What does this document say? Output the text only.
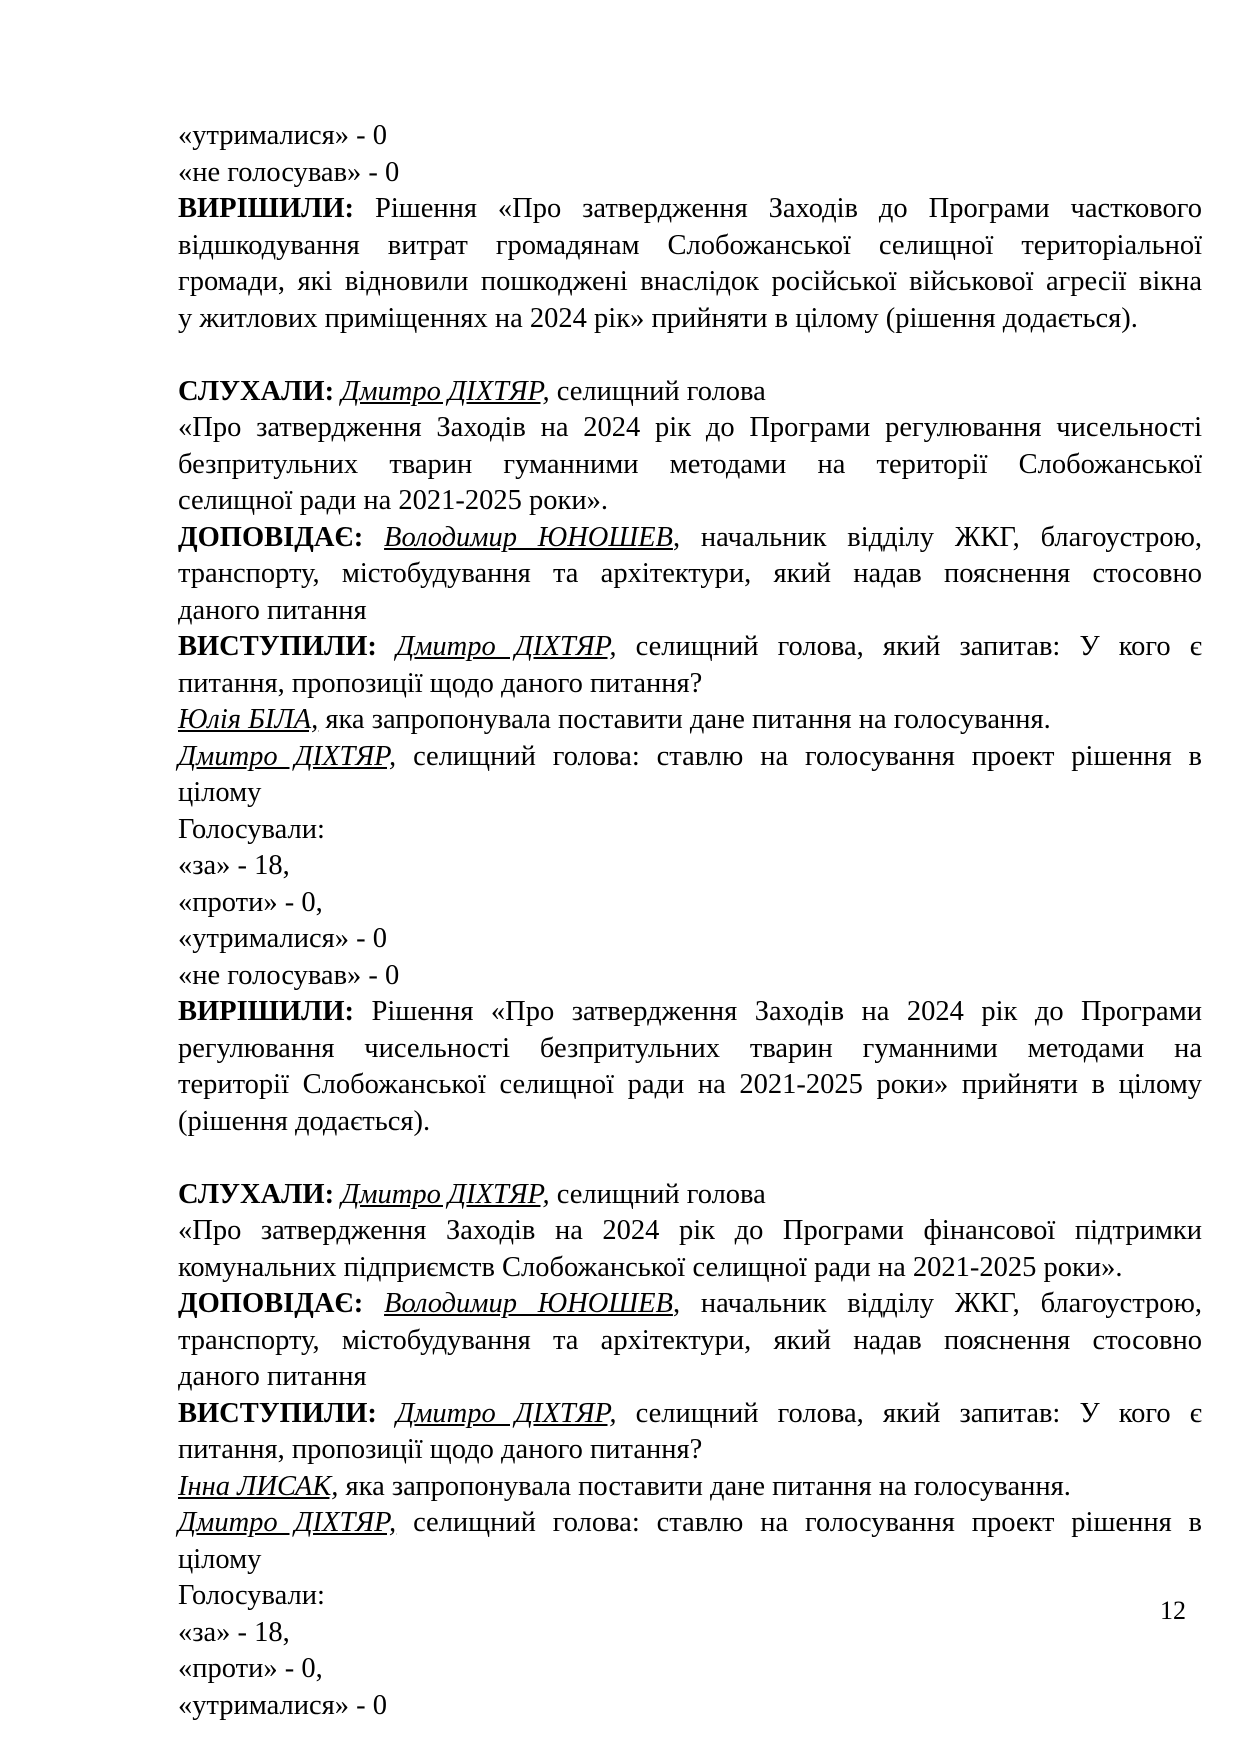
«утрималися» - 0
«не голосував» - 0
ВИРІШИЛИ: Рішення «Про затвердження Заходів до Програми часткового
відшкодування витрат громадянам Слобожанської селищної територіальної
громади, які відновили пошкоджені внаслідок російської військової агресії вікна
у житлових приміщеннях на 2024 рік» прийняти в цілому (рішення додається).
СЛУХАЛИ: Дмитро ДІХТЯР, селищний голова
«Про затвердження Заходів на 2024 рік до Програми регулювання чисельності
безпритульних тварин гуманними методами на території Слобожанської
селищної ради на 2021-2025 роки».
ДОПОВІДАЄ: Володимир ЮНОШЕВ, начальник відділу ЖКГ, благоустрою,
транспорту, містобудування та архітектури, який надав пояснення стосовно
даного питання
ВИСТУПИЛИ: Дмитро ДІХТЯР, селищний голова, який запитав: У кого є
питання, пропозиції щодо даного питання?
Юлія БІЛА, яка запропонувала поставити дане питання на голосування.
Дмитро ДІХТЯР, селищний голова: ставлю на голосування проект рішення в
цілому
Голосували:
«за» - 18,
«проти» - 0,
«утрималися» - 0
«не голосував» - 0
ВИРІШИЛИ: Рішення «Про затвердження Заходів на 2024 рік до Програми
регулювання чисельності безпритульних тварин гуманними методами на
території Слобожанської селищної ради на 2021-2025 роки» прийняти в цілому
(рішення додається).
СЛУХАЛИ: Дмитро ДІХТЯР, селищний голова
«Про затвердження Заходів на 2024 рік до Програми фінансової підтримки
комунальних підприємств Слобожанської селищної ради на 2021-2025 роки».
ДОПОВІДАЄ: Володимир ЮНОШЕВ, начальник відділу ЖКГ, благоустрою,
транспорту, містобудування та архітектури, який надав пояснення стосовно
даного питання
ВИСТУПИЛИ: Дмитро ДІХТЯР, селищний голова, який запитав: У кого є
питання, пропозиції щодо даного питання?
Інна ЛИСАК, яка запропонувала поставити дане питання на голосування.
Дмитро ДІХТЯР, селищний голова: ставлю на голосування проект рішення в
цілому
Голосували:
«за» - 18,
«проти» - 0,
«утрималися» - 0
12
